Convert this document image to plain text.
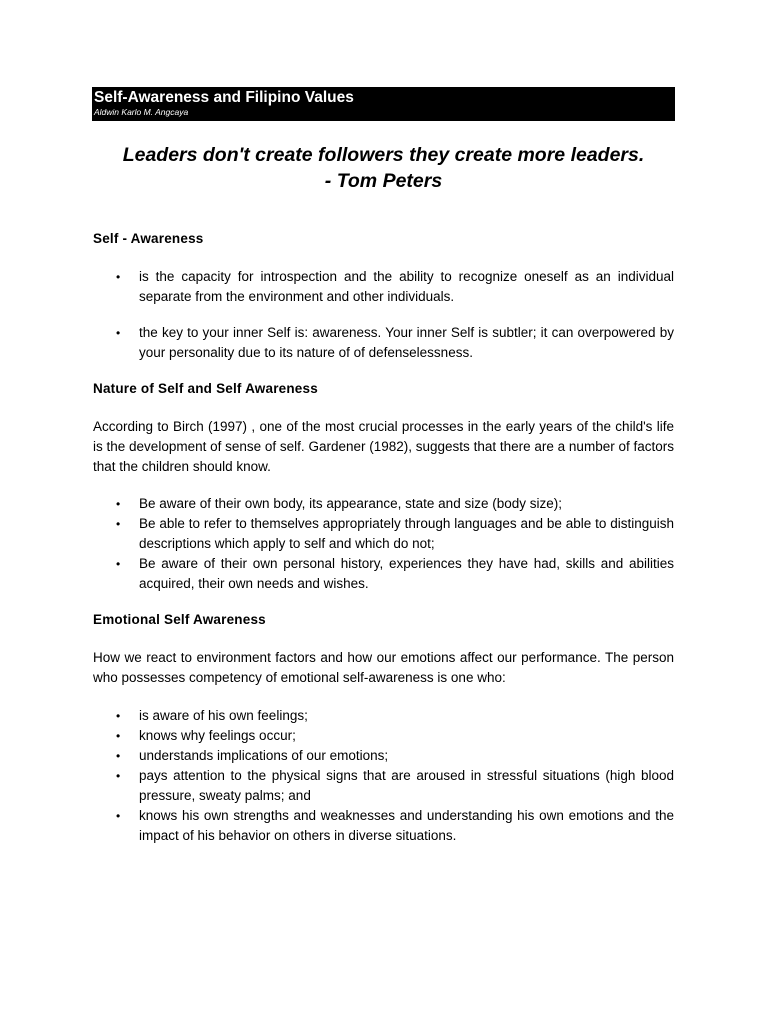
Self-Awareness and Filipino Values
Aldwin Karlo M. Angcaya
Leaders don't create followers they create more leaders.
- Tom Peters
Self - Awareness
• is the capacity for introspection and the ability to recognize oneself as an individual separate from the environment and other individuals.
• the key to your inner Self is: awareness. Your inner Self is subtler; it can overpowered by your personality due to its nature of of defenselessness.
Nature of Self and Self Awareness

According to Birch (1997) , one of the most crucial processes in the early years of the child's life is the development of sense of self. Gardener (1982), suggests that there are a number of factors that the children should know.

• Be aware of their own body, its appearance, state and size (body size);
• Be able to refer to themselves appropriately through languages and be able to distinguish descriptions which apply to self and which do not;
• Be aware of their own personal history, experiences they have had, skills and abilities acquired, their own needs and wishes.
Emotional Self Awareness

How we react to environment factors and how our emotions affect our performance. The person who possesses competency of emotional self-awareness is one who:

• is aware of his own feelings;
• knows why feelings occur;
• understands implications of our emotions;
• pays attention to the physical signs that are aroused in stressful situations (high blood pressure, sweaty palms; and
• knows his own strengths and weaknesses and understanding his own emotions and the impact of his behavior on others in diverse situations.
